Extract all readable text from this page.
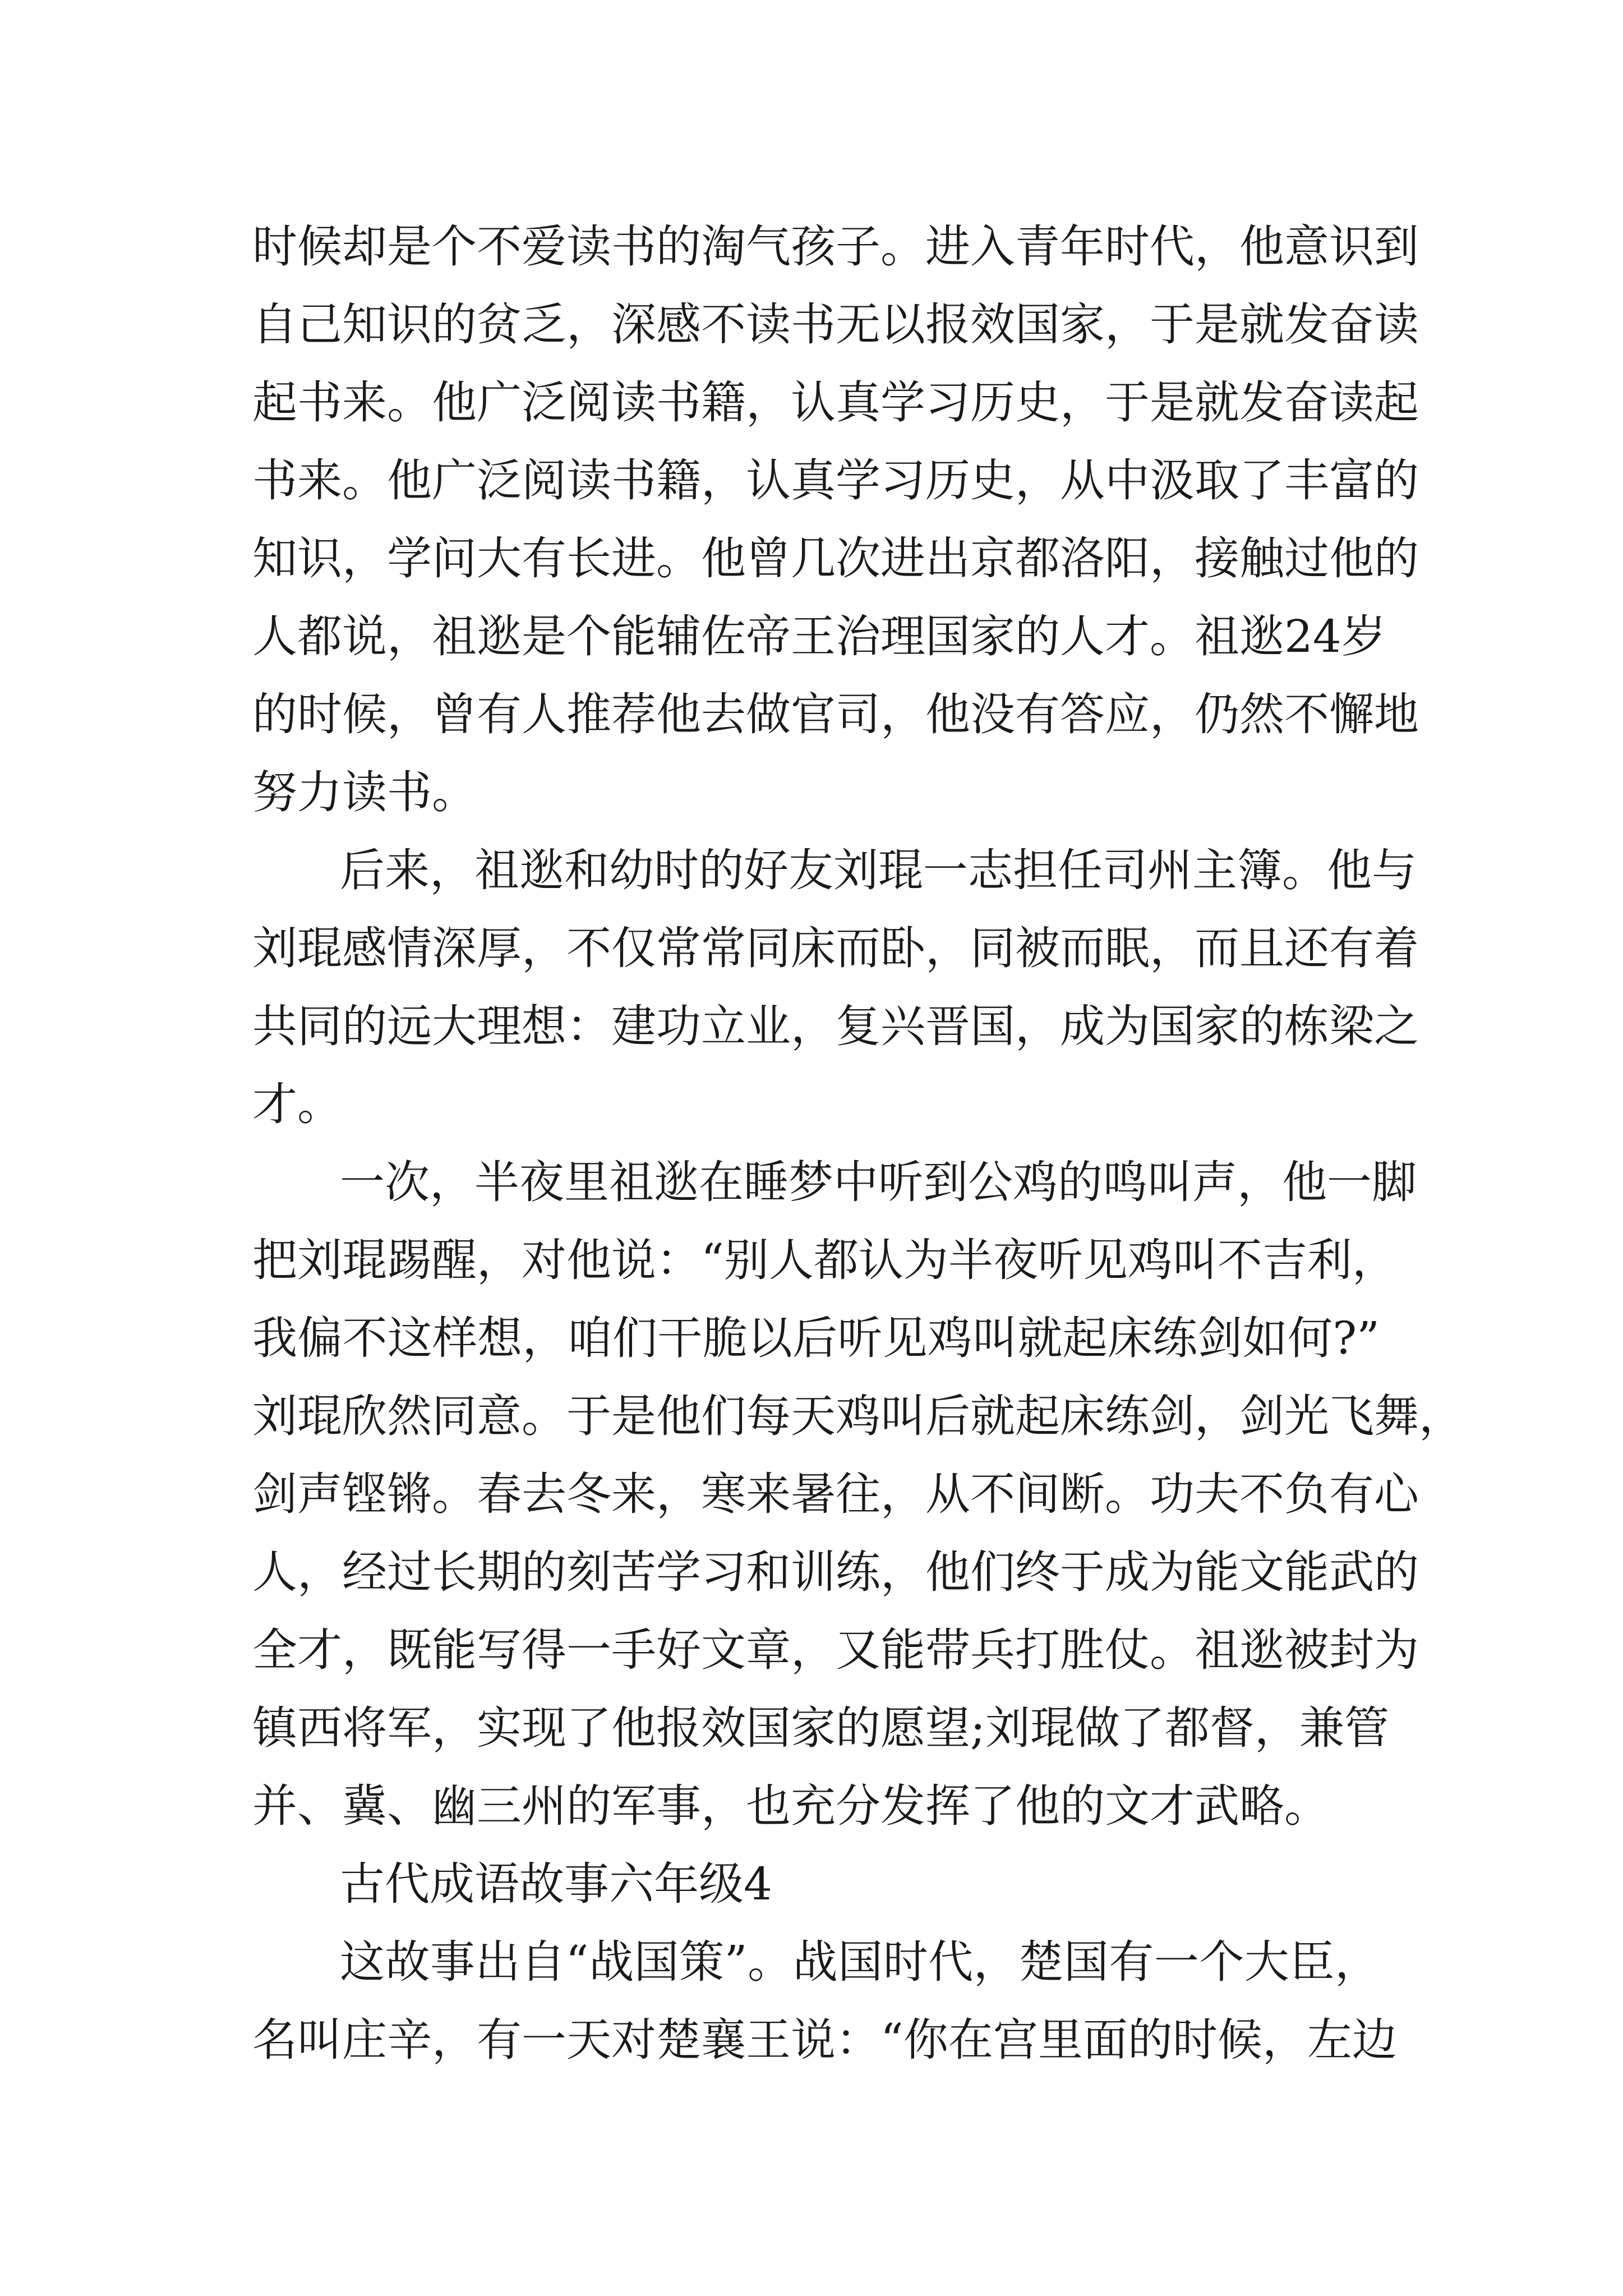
时候却是个不爱读书的淘气孩子。进入青年时代，他意识到
自己知识的贫乏，深感不读书无以报效国家，于是就发奋读
起书来。他广泛阅读书籍，认真学习历史，于是就发奋读起
书来。他广泛阅读书籍，认真学习历史，从中汲取了丰富的
知识，学问大有长进。他曾几次进出京都洛阳，接触过他的
人都说，祖逖是个能辅佐帝王治理国家的人才。祖逖24岁
的时候，曾有人推荐他去做官司，他没有答应，仍然不懈地
努力读书。
后来，祖逖和幼时的好友刘琨一志担任司州主簿。他与
刘琨感情深厚，不仅常常同床而卧，同被而眠，而且还有着
共同的远大理想：建功立业，复兴晋国，成为国家的栋梁之
才。
一次，半夜里祖逖在睡梦中听到公鸡的鸣叫声，他一脚
把刘琨踢醒，对他说：“别人都认为半夜听见鸡叫不吉利，
我偏不这样想，咱们干脆以后听见鸡叫就起床练剑如何?”
刘琨欣然同意。于是他们每天鸡叫后就起床练剑，剑光飞舞，
剑声铿锵。春去冬来，寒来暑往，从不间断。功夫不负有心
人，经过长期的刻苦学习和训练，他们终于成为能文能武的
全才，既能写得一手好文章，又能带兵打胜仗。祖逖被封为
镇西将军，实现了他报效国家的愿望;刘琨做了都督，兼管
并、冀、幽三州的军事，也充分发挥了他的文才武略。
古代成语故事六年级4
这故事出自“战国策”。战国时代，楚国有一个大臣，
名叫庄辛，有一天对楚襄王说：“你在宫里面的时候，左边
